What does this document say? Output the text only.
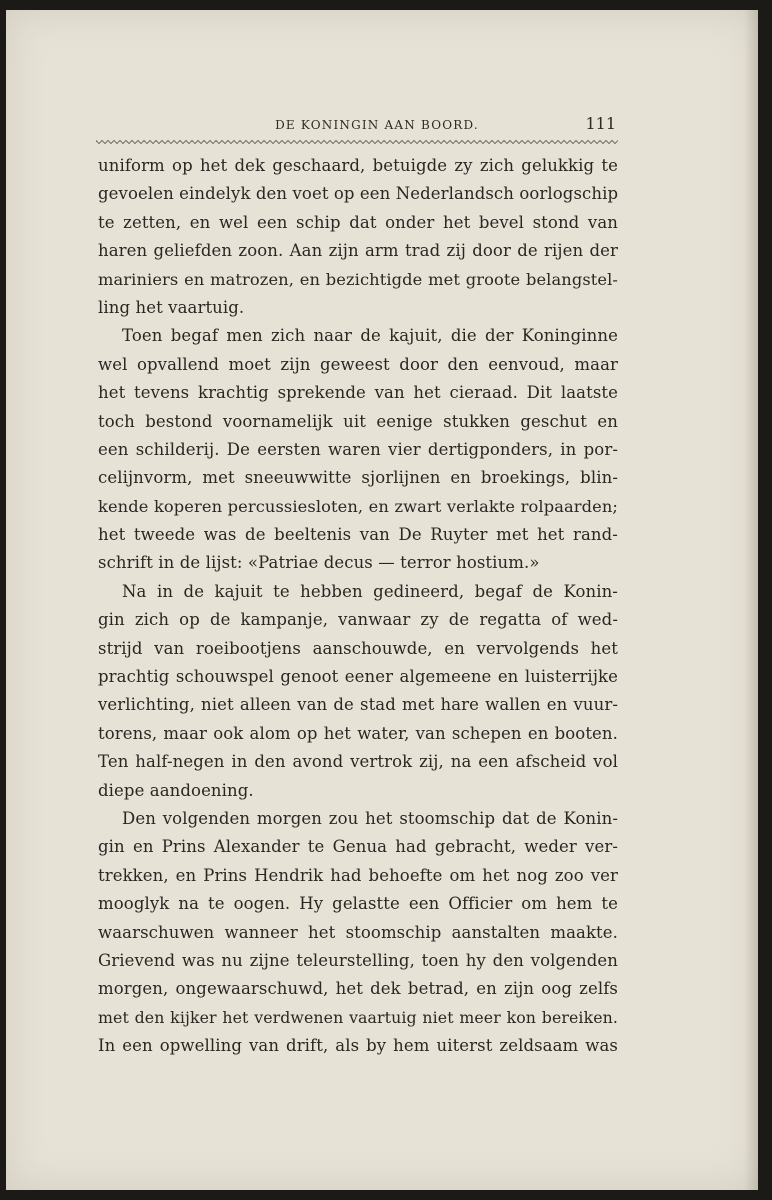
DE KONINGIN AAN BOORD.	111
uniform op het dek geschaard, betuigde zy zich gelukkig te
gevoelen eindelyk den voet op een Nederlandsch oorlogschip
te zetten, en wel een schip dat onder het bevel stond van
haren geliefden zoon. Aan zijn arm trad zij door de rijen der
mariniers en matrozen, en bezichtigde met groote belangstel-
ling het vaartuig.
Toen begaf men zich naar de kajuit, die der Koninginne
wel opvallend moet zijn geweest door den eenvoud, maar
het tevens krachtig sprekende van het cieraad. Dit laatste
toch bestond voornamelijk uit eenige stukken geschut en
een schilderij. De eersten waren vier dertigponders, in por-
celijnvorm, met sneeuwwitte sjorlijnen en broekings, blin-
kende koperen percussiesloten, en zwart verlakte rolpaarden;
het tweede was de beeltenis van De Ruyter met het rand-
schrift in de lijst: «Patriae decus — terror hostium.»
Na in de kajuit te hebben gedineerd, begaf de Konin-
gin zich op de kampanje, vanwaar zy de regatta of wed-
strijd van roeibootjens aanschouwde, en vervolgends het
prachtig schouwspel genoot eener algemeene en luisterrijke
verlichting, niet alleen van de stad met hare wallen en vuur-
torens, maar ook alom op het water, van schepen en booten.
Ten half-negen in den avond vertrok zij, na een afscheid vol
diepe aandoening.
Den volgenden morgen zou het stoomschip dat de Konin-
gin en Prins Alexander te Genua had gebracht, weder ver-
trekken, en Prins Hendrik had behoefte om het nog zoo ver
mooglyk na te oogen. Hy gelastte een Officier om hem te
waarschuwen wanneer het stoomschip aanstalten maakte.
Grievend was nu zijne teleurstelling, toen hy den volgenden
morgen, ongewaarschuwd, het dek betrad, en zijn oog zelfs
met den kijker het verdwenen vaartuig niet meer kon bereiken.
In een opwelling van drift, als by hem uiterst zeldsaam was
